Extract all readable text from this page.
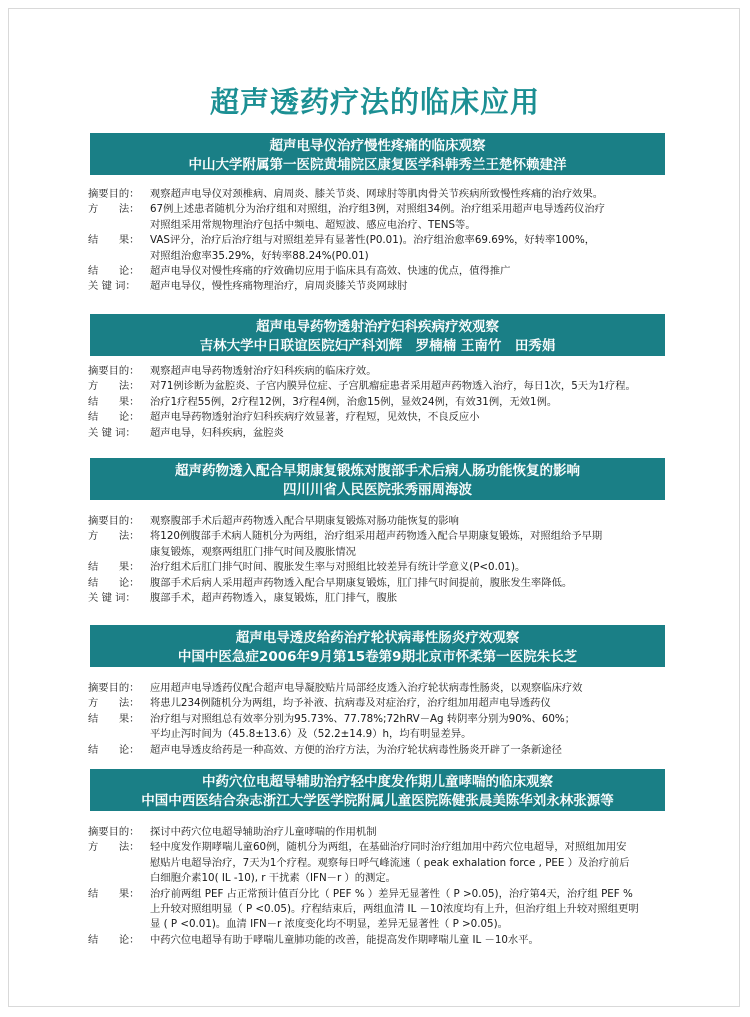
超声透药疗法的临床应用
超声电导仪治疗慢性疼痛的临床观察
中山大学附属第一医院黄埔院区康复医学科韩秀兰王楚怀赖建洋
摘要目的：	观察超声电导仪对颈椎病、肩周炎、膝关节炎、网球肘等肌肉骨关节疾病所致慢性疼痛的治疗效果。
方　　法：	67例上述患者随机分为治疗组和对照组，治疗组3例，对照组34例。治疗组采用超声电导透药仪治疗
对照组采用常规物理治疗包括中频电、超短波、感应电治疗、TENS等。
结　　果：	VAS评分，治疗后治疗组与对照组差异有显著性(P0.01)。治疗组治愈率69.69%，好转率100%，
对照组治愈率35.29%，好转率88.24%(P0.01)
结　　论：	超声电导仪对慢性疼痛的疗效确切应用于临床具有高效、快速的优点，值得推广
关 键 词：	超声电导仪，慢性疼痛物理治疗，肩周炎膝关节炎网球肘
超声电导药物透射治疗妇科疾病疗效观察
吉林大学中日联谊医院妇产科刘辉　罗楠楠 王南竹　田秀娟
摘要目的：	观察超声电导药物透射治疗妇科疾病的临床疗效。
方　　法：	对71例诊断为盆腔炎、子宫内膜异位症、子宫肌瘤症患者采用超声药物透入治疗，每日1次，5天为1疗程。
结　　果：	治疗1疗程55例，2疗程12例，3疗程4例，治愈15例，显效24例，有效31例，无效1例。
结　　论：	超声电导药物透射治疗妇科疾病疗效显著，疗程短，见效快，不良反应小
关 键 词：	超声电导，妇科疾病，盆腔炎
超声药物透入配合早期康复锻炼对腹部手术后病人肠功能恢复的影响
四川川省人民医院张秀丽周海波
摘要目的：	观察腹部手术后超声药物透入配合早期康复锻炼对肠功能恢复的影响
方　　法：	将120例腹部手术病人随机分为两组，治疗组采用超声药物透入配合早期康复锻炼，对照组给予早期
康复锻炼，观察两组肛门排气时间及腹胀情况
结　　果：	治疗组术后肛门排气时间、腹胀发生率与对照组比较差异有统计学意义(P<0.01)。
结　　论：	腹部手术后病人采用超声药物透入配合早期康复锻炼，肛门排气时间提前，腹胀发生率降低。
关 键 词：	腹部手术，超声药物透入，康复锻炼，肛门排气，腹胀
超声电导透皮给药治疗轮状病毒性肠炎疗效观察
中国中医急症2006年9月第15卷第9期北京市怀柔第一医院朱长芝
摘要目的：	应用超声电导透药仪配合超声电导凝胶贴片局部经皮透入治疗轮状病毒性肠炎，以观察临床疗效
方　　法：	将患儿234例随机分为两组，均予补液、抗病毒及对症治疗，治疗组加用超声电导透药仪
结　　果：	治疗组与对照组总有效率分别为95.73%、77.78%;72hRV－Ag 转阴率分别为90%、60%；
平均止泻时间为（45.8±13.6）及（52.2±14.9）h，均有明显差异。
结　　论：	超声电导透皮给药是一种高效、方便的治疗方法，为治疗轮状病毒性肠炎开辟了一条新途径
中药穴位电超导辅助治疗轻中度发作期儿童哮喘的临床观察
中国中西医结合杂志浙江大学医学院附属儿童医院陈健张晨美陈华刘永林张源等
摘要目的：	探讨中药穴位电超导辅助治疗儿童哮喘的作用机制
方　　法：	轻中度发作期哮喘儿童60例，随机分为两组，在基础治疗同时治疗组加用中药穴位电超导，对照组加用安
慰贴片电超导治疗，7天为1个疗程。观察每日呼气峰流速（ peak exhalation force , PEE ）及治疗前后
白细胞介素10( IL -10), r 干扰素（IFN－r ）的测定。
结　　果：	治疗前两组 PEF 占正常预计值百分比（ PEF % ）差异无显著性（ P >0.05)，治疗第4天，治疗组 PEF %
上升较对照组明显（ P <0.05)。疗程结束后，两组血清 IL －10浓度均有上升，但治疗组上升较对照组更明
显 ( P <0.01)。血清 IFN－r 浓度变化均不明显，差异无显著性（ P >0.05)。
结　　论：	中药穴位电超导有助于哮喘儿童肺功能的改善，能提高发作期哮喘儿童 IL －10水平。
